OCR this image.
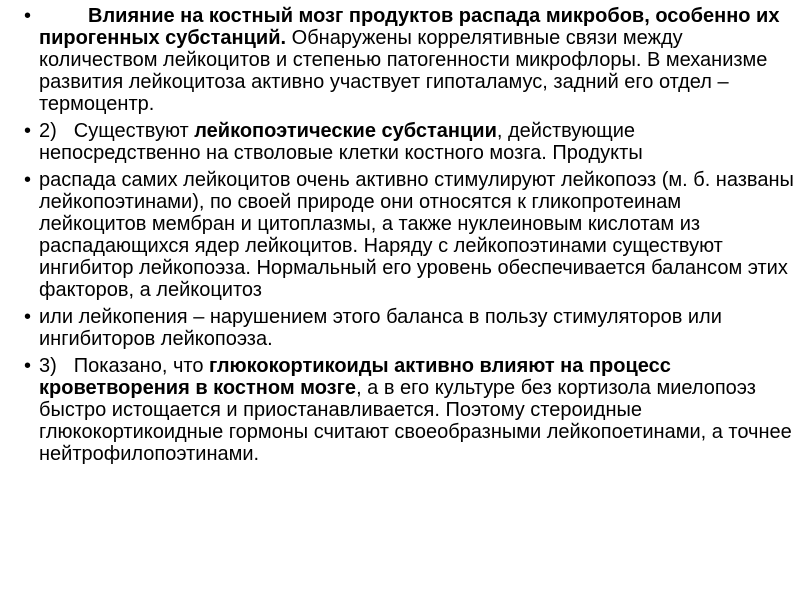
•	Влияние на костный мозг продуктов распада микробов, особенно их пирогенных субстанций. Обнаружены коррелятивные связи между количеством лейкоцитов и степенью патогенности микрофлоры. В механизме развития лейкоцитоза активно участвует гипоталамус, задний его отдел – термоцентр.
• 2) Существуют лейкопоэтические субстанции, действующие непосредственно на стволовые клетки костного мозга. Продукты
• распада самих лейкоцитов очень активно стимулируют лейкопоэз (м. б. названы лейкопоэтинами), по своей природе они относятся к гликопротеинам лейкоцитов мембран и цитоплазмы, а также нуклеиновым кислотам из распадающихся ядер лейкоцитов. Наряду с лейкопоэтинами существуют ингибитор лейкопоэза. Нормальный его уровень обеспечивается балансом этих факторов, а лейкоцитоз
• или лейкопения – нарушением этого баланса в пользу стимуляторов или ингибиторов лейкопоэза.
• 3) Показано, что глюкокортикоиды активно влияют на процесс кроветворения в костном мозге, а в его культуре без кортизола миелопоэз быстро истощается и приостанавливается. Поэтому стероидные глюкокортикоидные гормоны считают своеобразными лейкопоетинами, а точнее нейтрофилопоэтинами.
